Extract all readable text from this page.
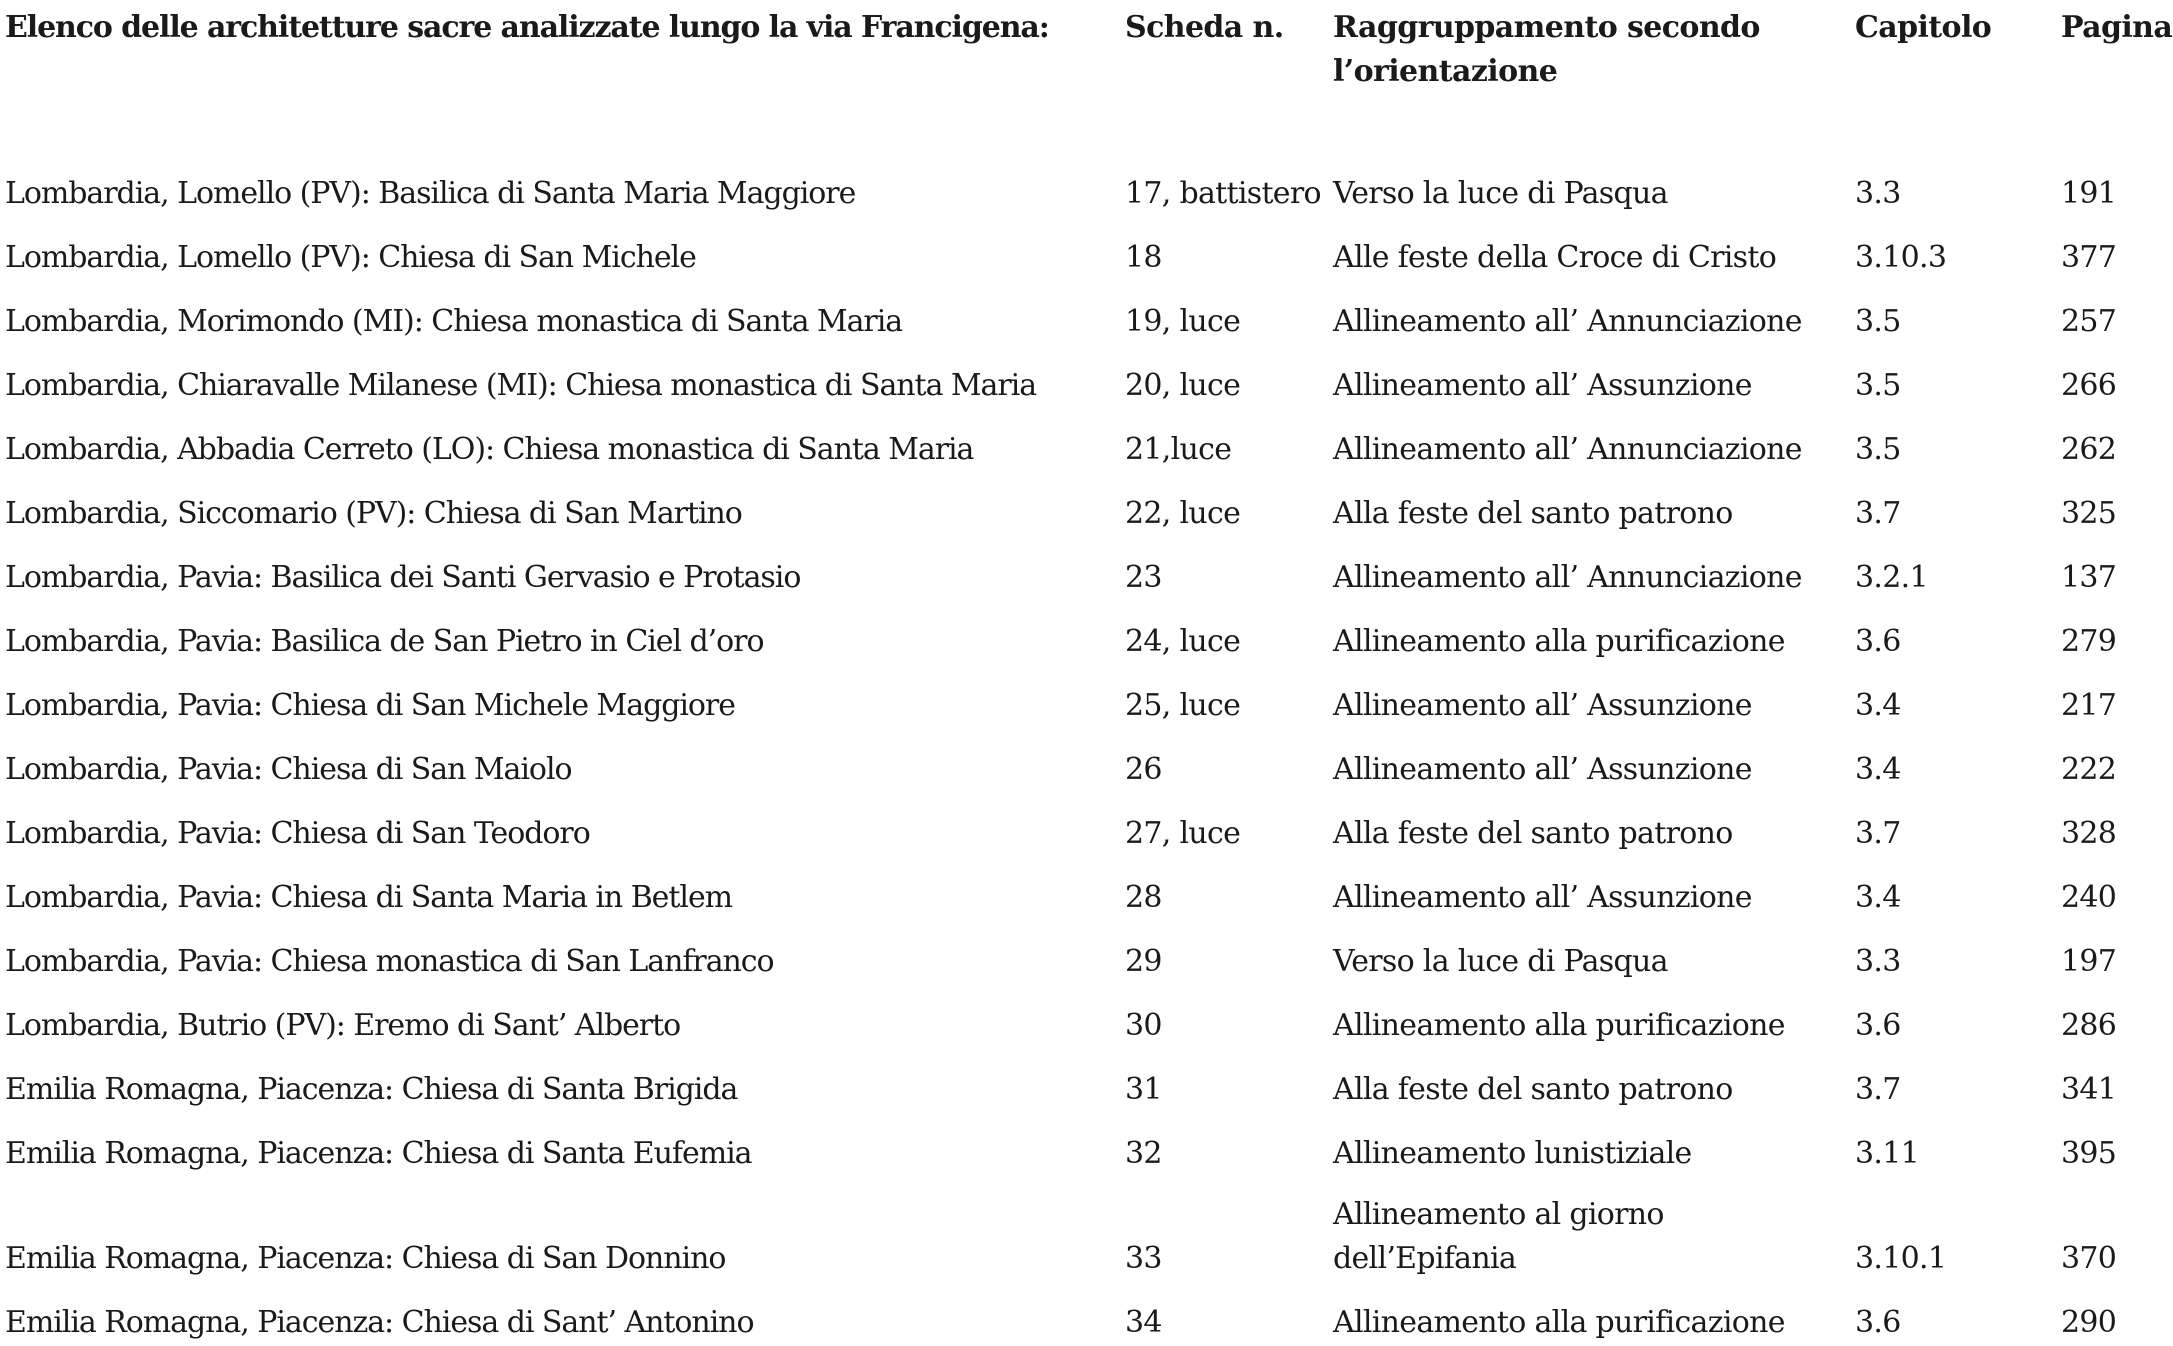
Elenco delle architetture sacre analizzate lungo la via Francigena:	Scheda n.	Raggruppamento secondo l’orientazione	Capitolo	Pagina
Lombardia, Lomello (PV): Basilica di Santa Maria Maggiore	17, battistero	Verso la luce di Pasqua	3.3	191
Lombardia, Lomello (PV): Chiesa di San Michele	18	Alle feste della Croce di Cristo	3.10.3	377
Lombardia, Morimondo (MI): Chiesa monastica di Santa Maria	19, luce	Allineamento all’ Annunciazione	3.5	257
Lombardia, Chiaravalle Milanese (MI): Chiesa monastica di Santa Maria	20, luce	Allineamento all’ Assunzione	3.5	266
Lombardia, Abbadia Cerreto (LO): Chiesa monastica di Santa Maria	21,luce	Allineamento all’ Annunciazione	3.5	262
Lombardia, Siccomario (PV): Chiesa di San Martino	22, luce	Alla feste del santo patrono	3.7	325
Lombardia, Pavia: Basilica dei Santi Gervasio e Protasio	23	Allineamento all’ Annunciazione	3.2.1	137
Lombardia, Pavia: Basilica de San Pietro in Ciel d’oro	24, luce	Allineamento alla purificazione	3.6	279
Lombardia, Pavia: Chiesa di San Michele Maggiore	25, luce	Allineamento all’ Assunzione	3.4	217
Lombardia, Pavia: Chiesa di San Maiolo	26	Allineamento all’ Assunzione	3.4	222
Lombardia, Pavia: Chiesa di San Teodoro	27, luce	Alla feste del santo patrono	3.7	328
Lombardia, Pavia: Chiesa di Santa Maria in Betlem	28	Allineamento all’ Assunzione	3.4	240
Lombardia, Pavia: Chiesa monastica di San Lanfranco	29	Verso la luce di Pasqua	3.3	197
Lombardia, Butrio (PV): Eremo di Sant’ Alberto	30	Allineamento alla purificazione	3.6	286
Emilia Romagna, Piacenza: Chiesa di Santa Brigida	31	Alla feste del santo patrono	3.7	341
Emilia Romagna, Piacenza: Chiesa di Santa Eufemia	32	Allineamento lunistiziale	3.11	395
Emilia Romagna, Piacenza: Chiesa di San Donnino	33	Allineamento al giorno dell’Epifania	3.10.1	370
Emilia Romagna, Piacenza: Chiesa di Sant’ Antonino	34	Allineamento alla purificazione	3.6	290
